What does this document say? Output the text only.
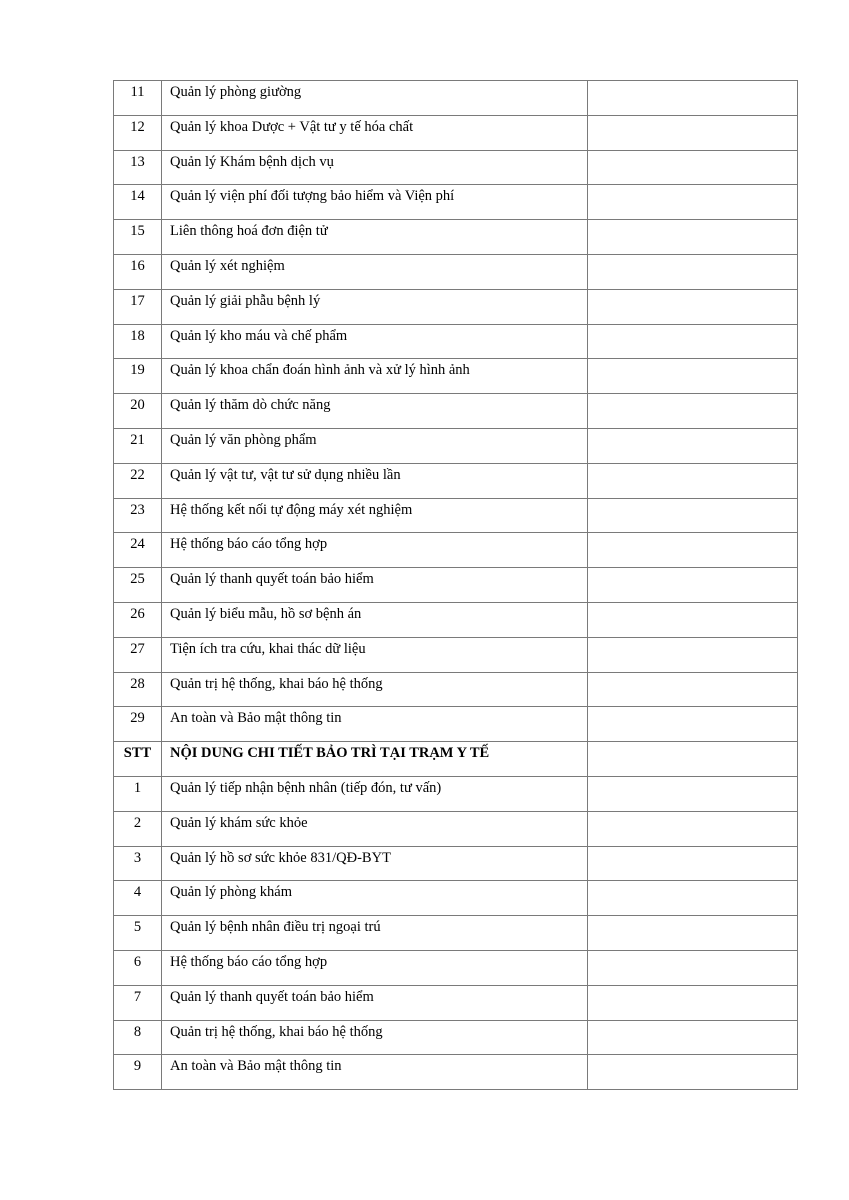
11	Quản lý phòng giường	
12	Quản lý khoa Dược + Vật tư y tế hóa chất	
13	Quản lý Khám bệnh dịch vụ	
14	Quản lý viện phí đối tượng bảo hiểm và Viện phí	
15	Liên thông hoá đơn điện tử	
16	Quản lý xét nghiệm	
17	Quản lý giải phẫu bệnh lý	
18	Quản lý kho máu và chế phẩm	
19	Quản lý khoa chẩn đoán hình ảnh và xử lý hình ảnh	
20	Quản lý thăm dò chức năng	
21	Quản lý văn phòng phẩm	
22	Quản lý vật tư, vật tư sử dụng nhiều lần	
23	Hệ thống kết nối tự động máy xét nghiệm	
24	Hệ thống báo cáo tổng hợp	
25	Quản lý thanh quyết toán bảo hiểm	
26	Quản lý biểu mẫu, hồ sơ bệnh án	
27	Tiện ích tra cứu, khai thác dữ liệu	
28	Quản trị hệ thống, khai báo hệ thống	
29	An toàn và Bảo mật thông tin	
STT	NỘI DUNG CHI TIẾT BẢO TRÌ TẠI TRẠM Y TẾ	
1	Quản lý tiếp nhận bệnh nhân (tiếp đón, tư vấn)	
2	Quản lý khám sức khỏe	
3	Quản lý hồ sơ sức khỏe 831/QĐ-BYT	
4	Quản lý phòng khám	
5	Quản lý bệnh nhân điều trị ngoại trú	
6	Hệ thống báo cáo tổng hợp	
7	Quản lý thanh quyết toán bảo hiểm	
8	Quản trị hệ thống, khai báo hệ thống	
9	An toàn và Bảo mật thông tin	
